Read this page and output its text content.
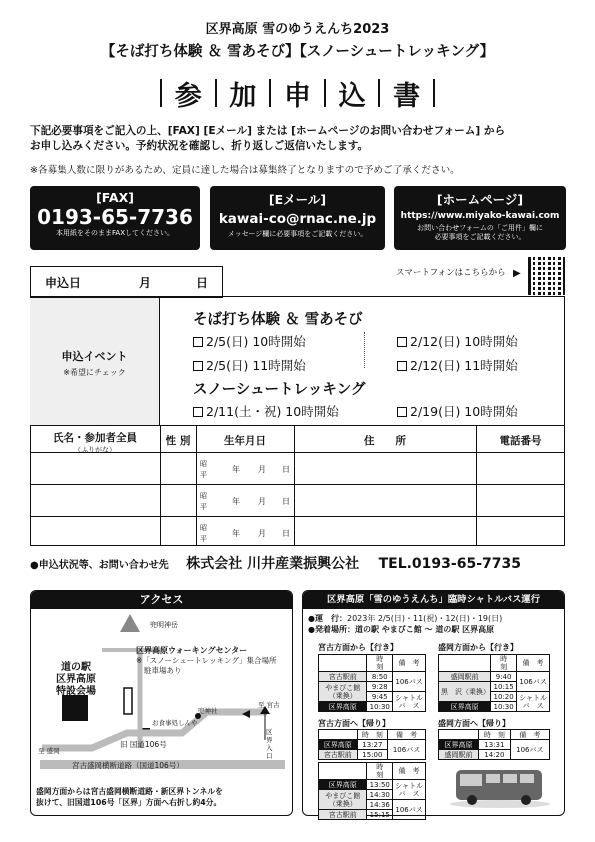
区界高原 雪のゆうえんち2023
【そば打ち体験 ＆ 雪あそび】【スノーシュートレッキング】
参 加 申 込 書
下記必要事項をご記入の上、[FAX] [Eメール] または [ホームページのお問い合わせフォーム] から
お申し込みください。予約状況を確認し、折り返しご返信いたします。
※各募集人数に限りがあるため、定員に達した場合は募集終了となりますので予めご了承ください。
[FAX]
0193-65-7736
本用紙をそのままFAXしてください。
[Eメール]
kawai-co@rnac.ne.jp
メッセージ欄に必要事項をご記載ください。
[ホームページ]
https://www.miyako-kawai.com
お問い合わせフォームの「ご用件」欄に
必要事項をご記載ください。
スマートフォンはこちらから ▶
申込日	月	日
申込イベント
※希望にチェック
そば打ち体験 ＆ 雪あそび
2/5(日) 10時開始	2/12(日) 10時開始
2/5(日) 11時開始	2/12(日) 11時開始
スノーシュートレッキング
2/11(土・祝) 10時開始	2/19(日) 10時開始
氏名・参加者全員
（ふりがな）
性 別	生年月日	住　　所	電話番号
昭
平
年 月 日
昭
平
年 月 日
昭
平
年 月 日
●申込状況等、お問い合わせ先 株式会社 川井産業振興公社 TEL.0193-65-7735
アクセス
兜明神岳
道の駅
区界高原
特設会場
区界高原ウォーキングセンター
※「スノーシュートレッキング」集合場所
駐車場あり
お食事処しんや
兜神社
至 宮古
至 盛岡
区界入口
旧 国道106号
宮古盛岡横断道路（国道106号）
盛岡方面からは宮古盛岡横断道路・新区界トンネルを
抜けて、旧国道106号「区界」方面へ右折し約4分。
区界高原「雪のゆうえんち」臨時シャトルバス運行
●運　行：2023年 2/5(日)・11(祝)・12(日)・19(日)
●発着場所：道の駅 やまびこ館 〜 道の駅 区界高原
宮古方面から【行き】
	時　刻	備　考
宮古駅前	8:50	106バス
やまびこ館（乗換）	9:28	
	9:45	シャトル
バ　ス
区界高原	10:30	
盛岡方面から【行き】
	時　刻	備　考
盛岡駅前	9:40	106バス
黒　沢（乗換）	10:15	
	10:20	シャトル
バ　ス
区界高原	10:30	
宮古方面へ【帰り】
	時　刻	備　考
区界高原	13:27	106バス
宮古駅前	15:00	
盛岡方面へ【帰り】
	時　刻	備　考
区界高原	13:31	106バス
盛岡駅前	14:20	
	時　刻	備　考
区界高原	13:50	シャトル
バ　ス
やまびこ館（乗換）	14:30	
	14:36	106バス
宮古駅前	15:15	
